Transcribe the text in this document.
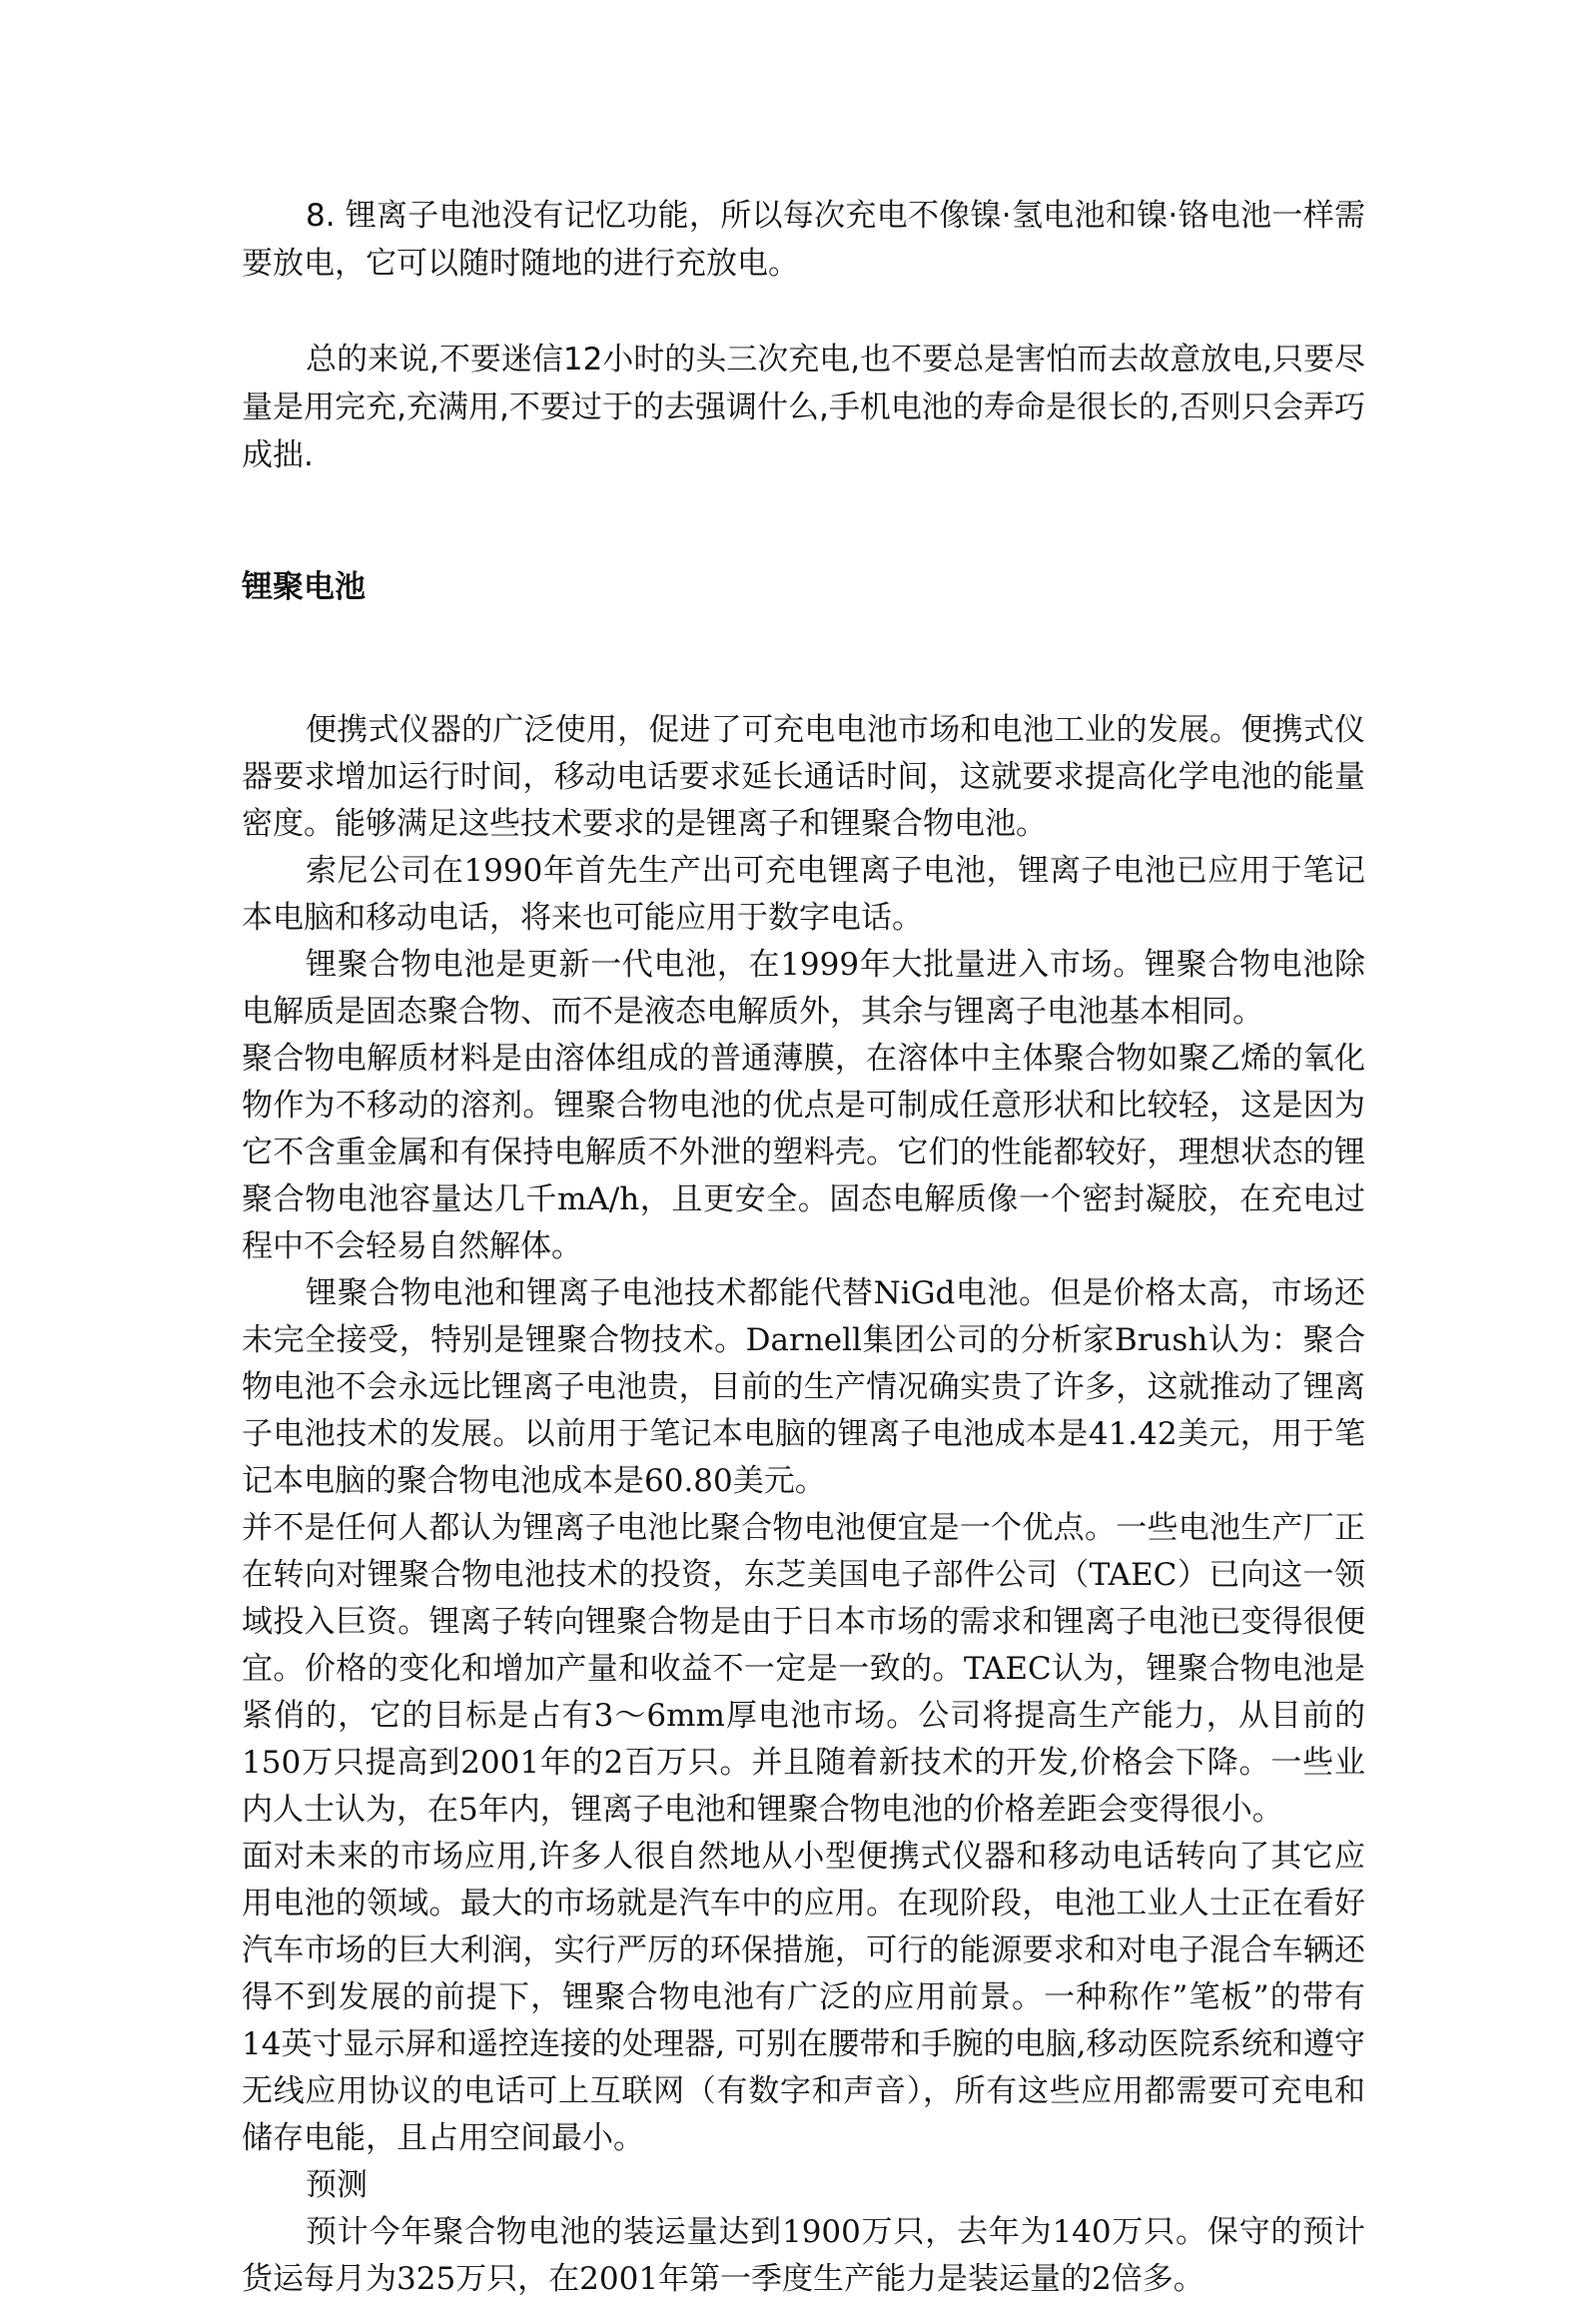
8. 锂离子电池没有记忆功能，所以每次充电不像镍·氢电池和镍·铬电池一样需要放电，它可以随时随地的进行充放电。

总的来说,不要迷信12小时的头三次充电,也不要总是害怕而去故意放电,只要尽量是用完充,充满用,不要过于的去强调什么,手机电池的寿命是很长的,否则只会弄巧成拙.

锂聚电池

便携式仪器的广泛使用，促进了可充电电池市场和电池工业的发展。便携式仪器要求增加运行时间，移动电话要求延长通话时间，这就要求提高化学电池的能量密度。能够满足这些技术要求的是锂离子和锂聚合物电池。

索尼公司在1990年首先生产出可充电锂离子电池，锂离子电池已应用于笔记本电脑和移动电话，将来也可能应用于数字电话。

锂聚合物电池是更新一代电池，在1999年大批量进入市场。锂聚合物电池除电解质是固态聚合物、而不是液态电解质外，其余与锂离子电池基本相同。

聚合物电解质材料是由溶体组成的普通薄膜，在溶体中主体聚合物如聚乙烯的氧化物作为不移动的溶剂。锂聚合物电池的优点是可制成任意形状和比较轻，这是因为它不含重金属和有保持电解质不外泄的塑料壳。它们的性能都较好，理想状态的锂聚合物电池容量达几千mA/h，且更安全。固态电解质像一个密封凝胶，在充电过程中不会轻易自然解体。

锂聚合物电池和锂离子电池技术都能代替NiGd电池。但是价格太高，市场还未完全接受，特别是锂聚合物技术。Darnell集团公司的分析家Brush认为：聚合物电池不会永远比锂离子电池贵，目前的生产情况确实贵了许多，这就推动了锂离子电池技术的发展。以前用于笔记本电脑的锂离子电池成本是41.42美元，用于笔记本电脑的聚合物电池成本是60.80美元。

并不是任何人都认为锂离子电池比聚合物电池便宜是一个优点。一些电池生产厂正在转向对锂聚合物电池技术的投资，东芝美国电子部件公司（TAEC）已向这一领域投入巨资。锂离子转向锂聚合物是由于日本市场的需求和锂离子电池已变得很便宜。价格的变化和增加产量和收益不一定是一致的。TAEC认为，锂聚合物电池是紧俏的，它的目标是占有3～6mm厚电池市场。公司将提高生产能力，从目前的150万只提高到2001年的2百万只。并且随着新技术的开发,价格会下降。一些业内人士认为，在5年内，锂离子电池和锂聚合物电池的价格差距会变得很小。

面对未来的市场应用,许多人很自然地从小型便携式仪器和移动电话转向了其它应用电池的领域。最大的市场就是汽车中的应用。在现阶段，电池工业人士正在看好汽车市场的巨大利润，实行严厉的环保措施，可行的能源要求和对电子混合车辆还得不到发展的前提下，锂聚合物电池有广泛的应用前景。一种称作”笔板”的带有14英寸显示屏和遥控连接的处理器, 可别在腰带和手腕的电脑,移动医院系统和遵守无线应用协议的电话可上互联网（有数字和声音），所有这些应用都需要可充电和储存电能，且占用空间最小。

预测

预计今年聚合物电池的装运量达到1900万只，去年为140万只。保守的预计货运每月为325万只，在2001年第一季度生产能力是装运量的2倍多。
